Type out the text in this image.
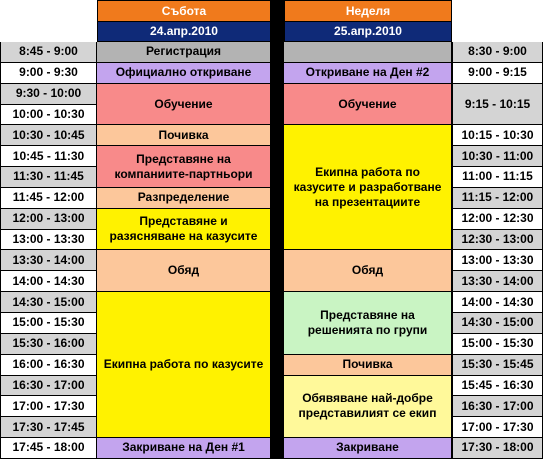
Събота	Неделя
24.апр.2010	25.апр.2010
8:45 - 9:00
9:00 - 9:30
9:30 - 10:00
10:00 - 10:30
10:30 - 10:45
10:45 - 11:30
11:30 - 11:45
11:45 - 12:00
12:00 - 13:00
13:00 - 13:30
13:30 - 14:00
14:00 - 14:30
14:30 - 15:00
15:00 - 15:30
15:30 - 16:00
16:00 - 16:30
16:30 - 17:00
17:00 - 17:30
17:30 - 17:45
17:45 - 18:00
Регистрация
Официално откриване
Обучение
Почивка
Представяне на компаниите-партньори
Разпределение
Представяне и разясняване на казусите
Обяд
Екипна работа по казусите
Закриване на Ден #1
Откриване на Ден #2
Обучение
Екипна работа по казусите и разработване на презентациите
Обяд
Представяне на решенията по групи
Почивка
Обявяване най-добре представилият се екип
Закриване
8:30 - 9:00
9:00 - 9:15
9:15 - 10:15
10:15 - 10:30
10:30 - 11:00
11:00 - 11:15
11:15 - 12:00
12:00 - 12:30
12:30 - 13:00
13:00 - 13:30
13:30 - 14:00
14:00 - 14:30
14:30 - 15:00
15:00 - 15:30
15:30 - 15:45
15:45 - 16:30
16:30 - 17:00
17:00 - 17:30
17:30 - 18:00
